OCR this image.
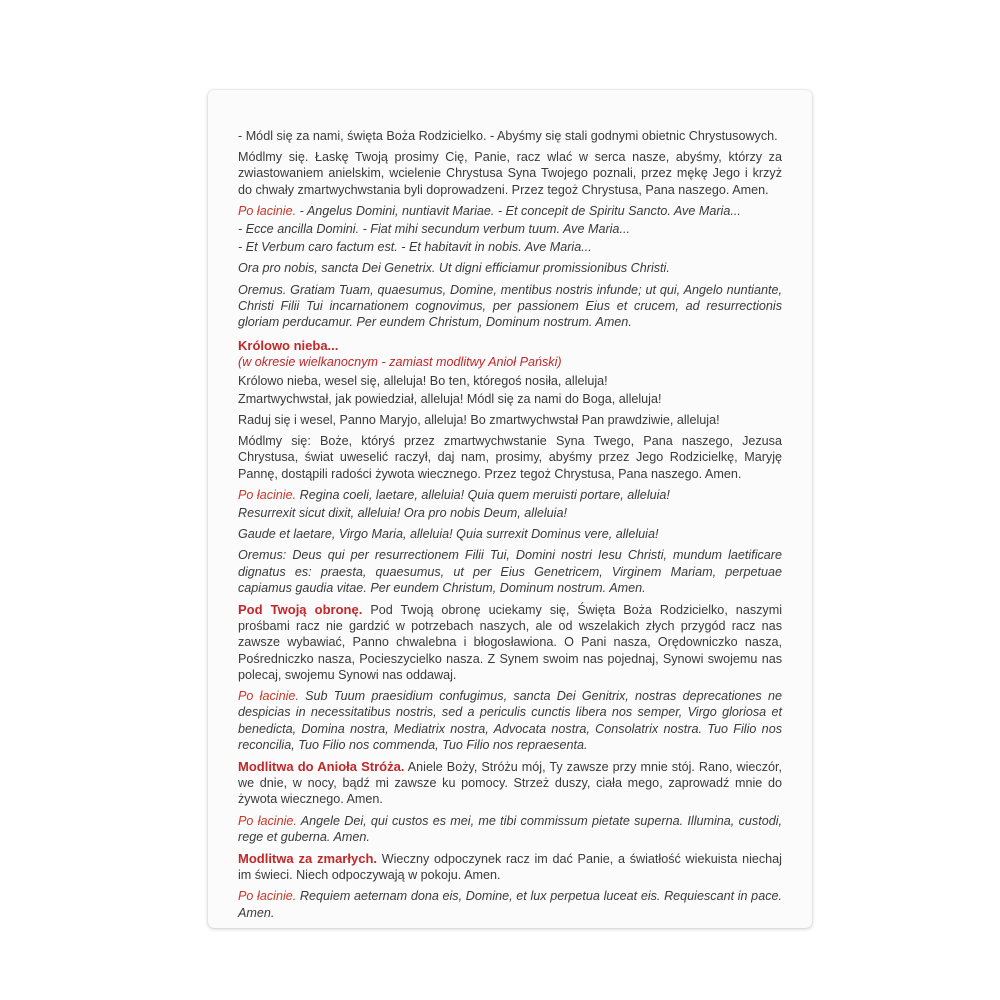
- Módl się za nami, święta Boża Rodzicielko. - Abyśmy się stali godnymi obietnic Chrystusowych.

Módlmy się. Łaskę Twoją prosimy Cię, Panie, racz wlać w serca nasze, abyśmy, którzy za zwiastowaniem anielskim, wcielenie Chrystusa Syna Twojego poznali, przez mękę Jego i krzyż do chwały zmartwychwstania byli doprowadzeni. Przez tegoż Chrystusa, Pana naszego. Amen.

Po łacinie. - Angelus Domini, nuntiavit Mariae. - Et concepit de Spiritu Sancto. Ave Maria...

- Ecce ancilla Domini. - Fiat mihi secundum verbum tuum. Ave Maria...

- Et Verbum caro factum est. - Et habitavit in nobis. Ave Maria...

Ora pro nobis, sancta Dei Genetrix. Ut digni efficiamur promissionibus Christi.

Oremus. Gratiam Tuam, quaesumus, Domine, mentibus nostris infunde; ut qui, Angelo nuntiante, Christi Filii Tui incarnationem cognovimus, per passionem Eius et crucem, ad resurrectionis gloriam perducamur. Per eundem Christum, Dominum nostrum. Amen.

Królowo nieba...

(w okresie wielkanocnym - zamiast modlitwy Anioł Pański)

Królowo nieba, wesel się, alleluja! Bo ten, któregoś nosiła, alleluja!

Zmartwychwstał, jak powiedział, alleluja! Módl się za nami do Boga, alleluja!

Raduj się i wesel, Panno Maryjo, alleluja! Bo zmartwychwstał Pan prawdziwie, alleluja!

Módlmy się: Boże, któryś przez zmartwychwstanie Syna Twego, Pana naszego, Jezusa Chrystusa, świat uweselić raczył, daj nam, prosimy, abyśmy przez Jego Rodzicielkę, Maryję Pannę, dostąpili radości żywota wiecznego. Przez tegoż Chrystusa, Pana naszego. Amen.

Po łacinie. Regina coeli, laetare, alleluia! Quia quem meruisti portare, alleluia!

Resurrexit sicut dixit, alleluia! Ora pro nobis Deum, alleluia!

Gaude et laetare, Virgo Maria, alleluia! Quia surrexit Dominus vere, alleluia!

Oremus: Deus qui per resurrectionem Filii Tui, Domini nostri Iesu Christi, mundum laetificare dignatus es: praesta, quaesumus, ut per Eius Genetricem, Virginem Mariam, perpetuae capiamus gaudia vitae. Per eundem Christum, Dominum nostrum. Amen.

Pod Twoją obronę. Pod Twoją obronę uciekamy się, Święta Boża Rodzicielko, naszymi prośbami racz nie gardzić w potrzebach naszych, ale od wszelakich złych przygód racz nas zawsze wybawiać, Panno chwalebna i błogosławiona. O Pani nasza, Orędowniczko nasza, Pośredniczko nasza, Pocieszycielko nasza. Z Synem swoim nas pojednaj, Synowi swojemu nas polecaj, swojemu Synowi nas oddawaj.

Po łacinie. Sub Tuum praesidium confugimus, sancta Dei Genitrix, nostras deprecationes ne despicias in necessitatibus nostris, sed a periculis cunctis libera nos semper, Virgo gloriosa et benedicta, Domina nostra, Mediatrix nostra, Advocata nostra, Consolatrix nostra. Tuo Filio nos reconcilia, Tuo Filio nos commenda, Tuo Filio nos repraesenta.

Modlitwa do Anioła Stróża. Aniele Boży, Stróżu mój, Ty zawsze przy mnie stój. Rano, wieczór, we dnie, w nocy, bądź mi zawsze ku pomocy. Strzeż duszy, ciała mego, zaprowadź mnie do żywota wiecznego. Amen.

Po łacinie. Angele Dei, qui custos es mei, me tibi commissum pietate superna. Illumina, custodi, rege et guberna. Amen.

Modlitwa za zmarłych. Wieczny odpoczynek racz im dać Panie, a światłość wiekuista niechaj im świeci. Niech odpoczywają w pokoju. Amen.

Po łacinie. Requiem aeternam dona eis, Domine, et lux perpetua luceat eis. Requiescant in pace. Amen.
